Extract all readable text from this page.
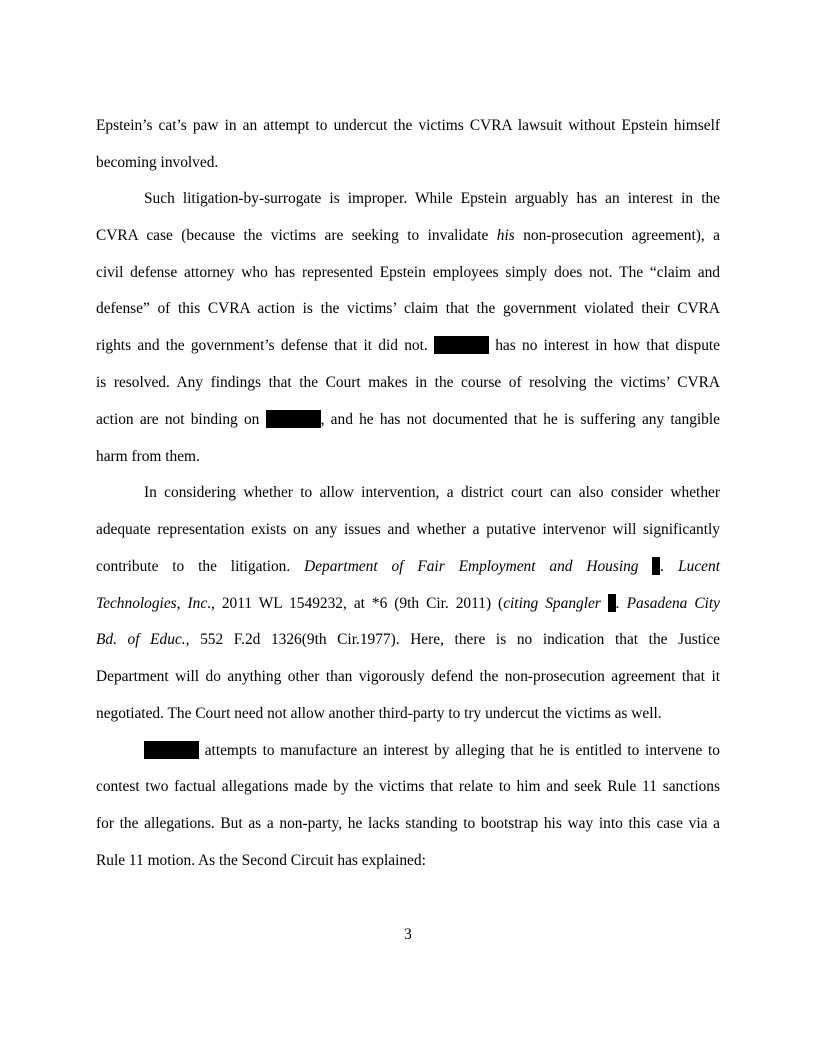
Epstein’s cat’s paw in an attempt to undercut the victims CVRA lawsuit without Epstein himself
becoming involved.
Such litigation-by-surrogate is improper. While Epstein arguably has an interest in the
CVRA case (because the victims are seeking to invalidate his non-prosecution agreement), a
civil defense attorney who has represented Epstein employees simply does not. The “claim and
defense” of this CVRA action is the victims’ claim that the government violated their CVRA
rights and the government’s defense that it did not.	has no interest in how that dispute
is resolved. Any findings that the Court makes in the course of resolving the victims’ CVRA
action are not binding on	, and he has not documented that he is suffering any tangible
harm from them.
In considering whether to allow intervention, a district court can also consider whether
adequate representation exists on any issues and whether a putative intervenor will significantly
contribute to the litigation. Department of Fair Employment and Housing . Lucent
Technologies, Inc., 2011 WL 1549232, at *6 (9th Cir. 2011) (citing Spangler . Pasadena City
Bd. of Educ., 552 F.2d 1326(9th Cir.1977). Here, there is no indication that the Justice
Department will do anything other than vigorously defend the non-prosecution agreement that it
negotiated. The Court need not allow another third-party to try undercut the victims as well.
attempts to manufacture an interest by alleging that he is entitled to intervene to
contest two factual allegations made by the victims that relate to him and seek Rule 11 sanctions
for the allegations. But as a non-party, he lacks standing to bootstrap his way into this case via a
Rule 11 motion. As the Second Circuit has explained:
3
